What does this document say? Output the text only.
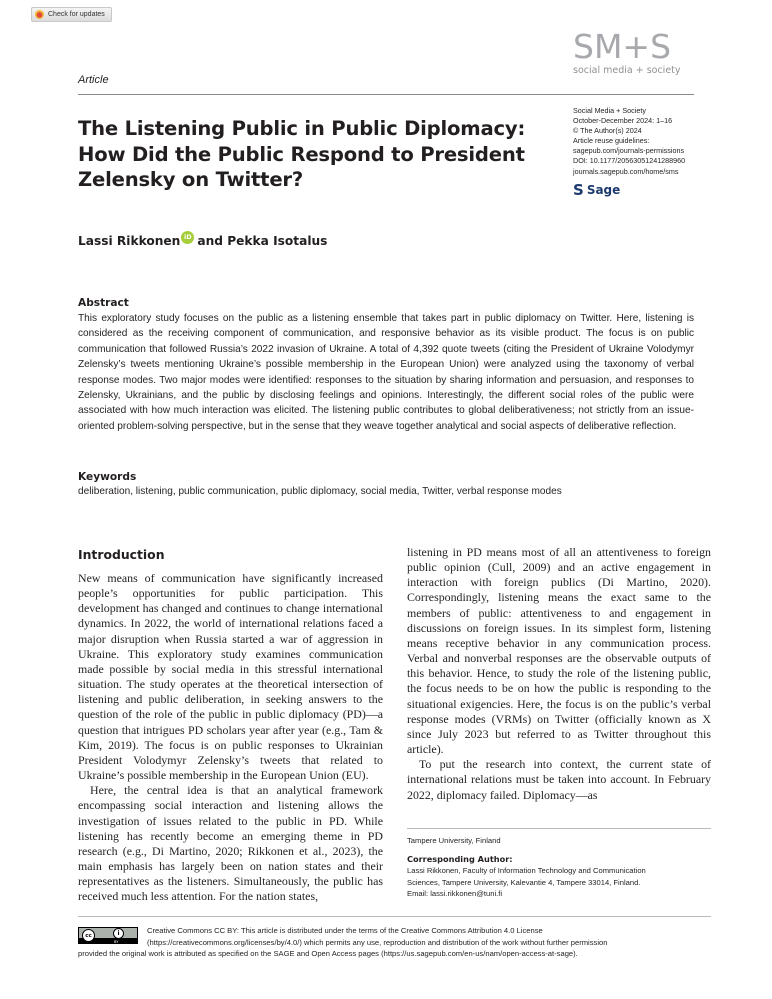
Check for updates
Article
SM+S
social media + society
Social Media + Society
October-December 2024: 1–16
© The Author(s) 2024
Article reuse guidelines:
sagepub.com/journals-permissions
DOI: 10.1177/20563051241288960
journals.sagepub.com/home/sms
S Sage
The Listening Public in Public Diplomacy: How Did the Public Respond to President Zelensky on Twitter?
Lassi Rikkonen iD and Pekka Isotalus
Abstract
This exploratory study focuses on the public as a listening ensemble that takes part in public diplomacy on Twitter. Here, listening is considered as the receiving component of communication, and responsive behavior as its visible product. The focus is on public communication that followed Russia’s 2022 invasion of Ukraine. A total of 4,392 quote tweets (citing the President of Ukraine Volodymyr Zelensky’s tweets mentioning Ukraine’s possible membership in the European Union) were analyzed using the taxonomy of verbal response modes. Two major modes were identified: responses to the situation by sharing information and persuasion, and responses to Zelensky, Ukrainians, and the public by disclosing feelings and opinions. Interestingly, the different social roles of the public were associated with how much interaction was elicited. The listening public contributes to global deliberativeness; not strictly from an issue-oriented problem-solving perspective, but in the sense that they weave together analytical and social aspects of deliberative reflection.
Keywords
deliberation, listening, public communication, public diplomacy, social media, Twitter, verbal response modes
Introduction

New means of communication have significantly increased people’s opportunities for public participation. This development has changed and continues to change international dynamics. In 2022, the world of international relations faced a major disruption when Russia started a war of aggression in Ukraine. This exploratory study examines communication made possible by social media in this stressful international situation. The study operates at the theoretical intersection of listening and public deliberation, in seeking answers to the question of the role of the public in public diplomacy (PD)—a question that intrigues PD scholars year after year (e.g., Tam & Kim, 2019). The focus is on public responses to Ukrainian President Volodymyr Zelensky’s tweets that related to Ukraine’s possible membership in the European Union (EU).

Here, the central idea is that an analytical framework encompassing social interaction and listening allows the investigation of issues related to the public in PD. While listening has recently become an emerging theme in PD research (e.g., Di Martino, 2020; Rikkonen et al., 2023), the main emphasis has largely been on nation states and their representatives as the listeners. Simultaneously, the public has received much less attention. For the nation states,

listening in PD means most of all an attentiveness to foreign public opinion (Cull, 2009) and an active engagement in interaction with foreign publics (Di Martino, 2020). Correspondingly, listening means the exact same to the members of public: attentiveness to and engagement in discussions on foreign issues. In its simplest form, listening means receptive behavior in any communication process. Verbal and nonverbal responses are the observable outputs of this behavior. Hence, to study the role of the listening public, the focus needs to be on how the public is responding to the situational exigencies. Here, the focus is on the public’s verbal response modes (VRMs) on Twitter (officially known as X since July 2023 but referred to as Twitter throughout this article).

To put the research into context, the current state of international relations must be taken into account. In February 2022, diplomacy failed. Diplomacy—as

Tampere University, Finland
Corresponding Author:
Lassi Rikkonen, Faculty of Information Technology and Communication
Sciences, Tampere University, Kalevantie 4, Tampere 33014, Finland.
Email: lassi.rikkonen@tuni.fi
cc	i
BY
Creative Commons CC BY: This article is distributed under the terms of the Creative Commons Attribution 4.0 License
(https://creativecommons.org/licenses/by/4.0/) which permits any use, reproduction and distribution of the work without further permission
provided the original work is attributed as specified on the SAGE and Open Access pages (https://us.sagepub.com/en-us/nam/open-access-at-sage).
